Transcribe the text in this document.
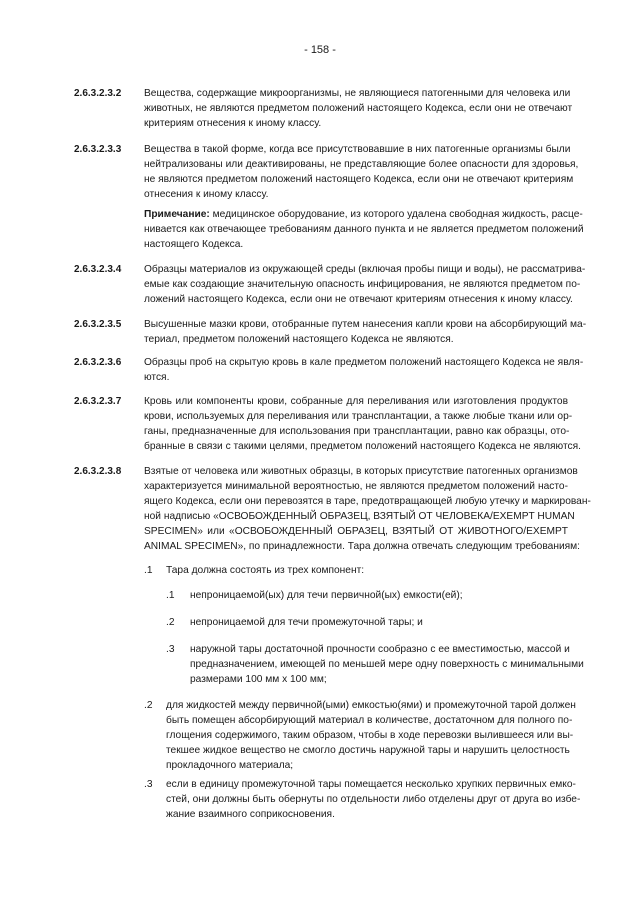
- 158 -
2.6.3.2.3.2 Вещества, содержащие микроорганизмы, не являющиеся патогенными для человека или
животных, не являются предметом положений настоящего Кодекса, если они не отвечают
критериям отнесения к иному классу.
2.6.3.2.3.3 Вещества в такой форме, когда все присутствовавшие в них патогенные организмы были
нейтрализованы или деактивированы, не представляющие более опасности для здоровья,
не являются предметом положений настоящего Кодекса, если они не отвечают критериям
отнесения к иному классу.
Примечание: медицинское оборудование, из которого удалена свободная жидкость, расце-
нивается как отвечающее требованиям данного пункта и не является предметом положений
настоящего Кодекса.
2.6.3.2.3.4 Образцы материалов из окружающей среды (включая пробы пищи и воды), не рассматрива-
емые как создающие значительную опасность инфицирования, не являются предметом по-
ложений настоящего Кодекса, если они не отвечают критериям отнесения к иному классу.
2.6.3.2.3.5 Высушенные мазки крови, отобранные путем нанесения капли крови на абсорбирующий ма-
териал, предметом положений настоящего Кодекса не являются.
2.6.3.2.3.6 Образцы проб на скрытую кровь в кале предметом положений настоящего Кодекса не явля-
ются.
2.6.3.2.3.7 Кровь или компоненты крови, собранные для переливания или изготовления продуктов
крови, используемых для переливания или трансплантации, а также любые ткани или ор-
ганы, предназначенные для использования при трансплантации, равно как образцы, ото-
бранные в связи с такими целями, предметом положений настоящего Кодекса не являются.
2.6.3.2.3.8 Взятые от человека или животных образцы, в которых присутствие патогенных организмов
характеризуется минимальной вероятностью, не являются предметом положений насто-
ящего Кодекса, если они перевозятся в таре, предотвращающей любую утечку и маркирован-
ной надписью «ОСВОБОЖДЕННЫЙ ОБРАЗЕЦ, ВЗЯТЫЙ ОТ ЧЕЛОВЕКА/EXEMPT HUMAN
SPECIMEN» или «ОСВОБОЖДЕННЫЙ ОБРАЗЕЦ, ВЗЯТЫЙ ОТ ЖИВОТНОГО/EXEMPT
ANIMAL SPECIMEN», по принадлежности. Тара должна отвечать следующим требованиям:
.1 Тара должна состоять из трех компонент:
.1 непроницаемой(ых) для течи первичной(ых) емкости(ей);
.2 непроницаемой для течи промежуточной тары; и
.3 наружной тары достаточной прочности сообразно с ее вместимостью, массой и
предназначением, имеющей по меньшей мере одну поверхность с минимальными
размерами 100 мм х 100 мм;
.2 для жидкостей между первичной(ыми) емкостью(ями) и промежуточной тарой должен
быть помещен абсорбирующий материал в количестве, достаточном для полного по-
глощения содержимого, таким образом, чтобы в ходе перевозки вылившееся или вы-
текшее жидкое вещество не смогло достичь наружной тары и нарушить целостность
прокладочного материала;
.3 если в единицу промежуточной тары помещается несколько хрупких первичных емко-
стей, они должны быть обернуты по отдельности либо отделены друг от друга во избе-
жание взаимного соприкосновения.
